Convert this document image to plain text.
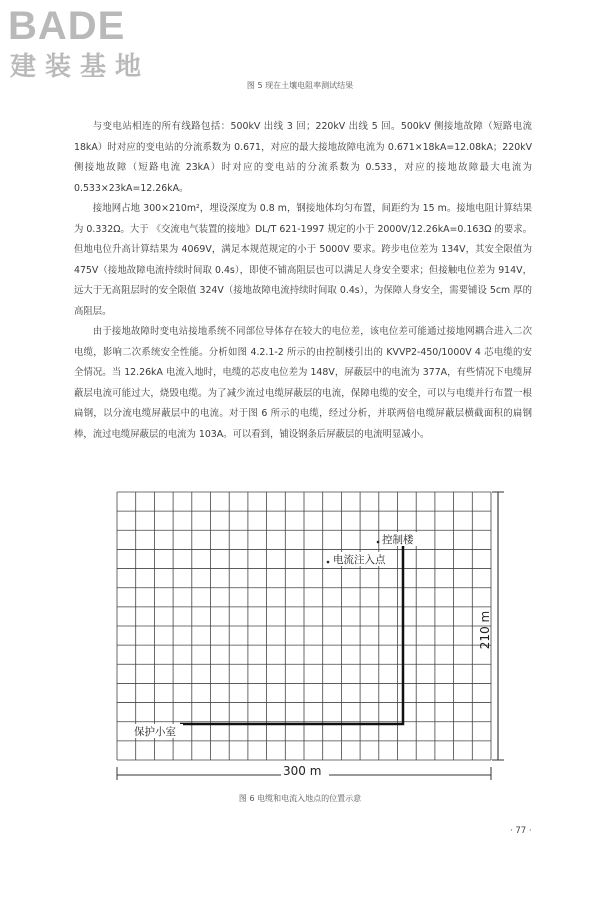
BADE
建装基地
图 5 现在土壤电阻率测试结果

与变电站相连的所有线路包括：500kV 出线 3 回；220kV 出线 5 回。500kV 侧接地故障（短路电流 18kA）时对应的变电站的分流系数为 0.671，对应的最大接地故障电流为 0.671×18kA=12.08kA；220kV 侧接地故障（短路电流 23kA）时对应的变电站的分流系数为 0.533，对应的接地故障最大电流为 0.533×23kA=12.26kA。

接地网占地 300×210m²，埋设深度为 0.8 m，钢接地体均匀布置，间距约为 15 m。接地电阻计算结果为 0.332Ω。大于 《交流电气装置的接地》DL/T 621-1997 规定的小于 2000V/12.26kA=0.163Ω 的要求。但地电位升高计算结果为 4069V，满足本规范规定的小于 5000V 要求。跨步电位差为 134V，其安全限值为 475V（接地故障电流持续时间取 0.4s），即使不铺高阻层也可以满足人身安全要求；但接触电位差为 914V，远大于无高阻层时的安全限值 324V（接地故障电流持续时间取 0.4s），为保障人身安全，需要铺设 5cm 厚的高阻层。

由于接地故障时变电站接地系统不同部位导体存在较大的电位差，该电位差可能通过接地网耦合进入二次电缆，影响二次系统安全性能。分析如图 4.2.1-2 所示的由控制楼引出的 KVVP2-450/1000V 4 芯电缆的安全情况。当 12.26kA 电流入地时，电缆的芯皮电位差为 148V，屏蔽层中的电流为 377A，有些情况下电缆屏蔽层电流可能过大，烧毁电缆。为了减少流过电缆屏蔽层的电流，保障电缆的安全，可以与电缆并行布置一根扁钢，以分流电缆屏蔽层中的电流。对于图 6 所示的电缆，经过分析，并联两倍电缆屏蔽层横截面积的扁钢棒，流过电缆屏蔽层的电流为 103A。可以看到，铺设钢条后屏蔽层的电流明显减小。

控制楼
电流注入点
保护小室
300 m
210 m
图 6 电缆和电流入地点的位置示意
· 77 ·
